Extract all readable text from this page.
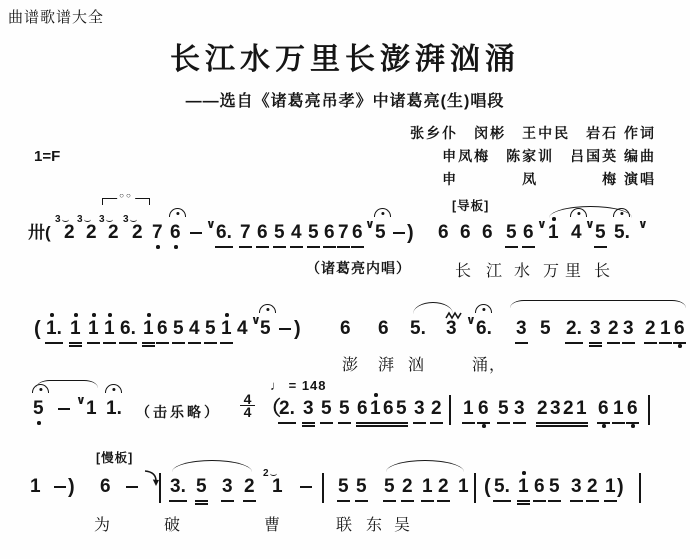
曲谱歌谱大全
长江水万里长澎湃汹涌
——选自《诸葛亮吊孝》中诸葛亮(生)唱段
张乡仆　闵彬　王中民　岩石 作词
申凤梅　陈家训　吕国英 编曲
申　　　　凤　　　　梅 演唱
1=F
[导板]
○○
卅( 2
3
2
3
2
3
2
3
7 6 ∨ 6. 7 6 5 4 5 6 7 6 ∨ 5 ) 6 6 6 5 6 ∨ 1 4 ∨ 5 5. ∨
（诸葛亮内唱）	长 江 水 万 里 长
( 1. 1 1 1 6. 1 6 5 4 5 1 4 ∨ 5 ) 6 6 5. 3 ∨ 6. 3 5 2. 3 2 3 2 1 6
澎 湃 汹	涌，
♩ = 148
5	∨ 1 1. （击乐略） $\frac{4}{4}$ （
2. 3 5 5 6 1 6 5 3 2 1 6 5 3 2 3 2 1 6 1 6
[慢板]
1 ) 6	3. 5 3 2 1
2
5 5 5 2 1 2 1 ( 5. 1 6 5 3 2 1 )
为	破	曹	联 东 吴
